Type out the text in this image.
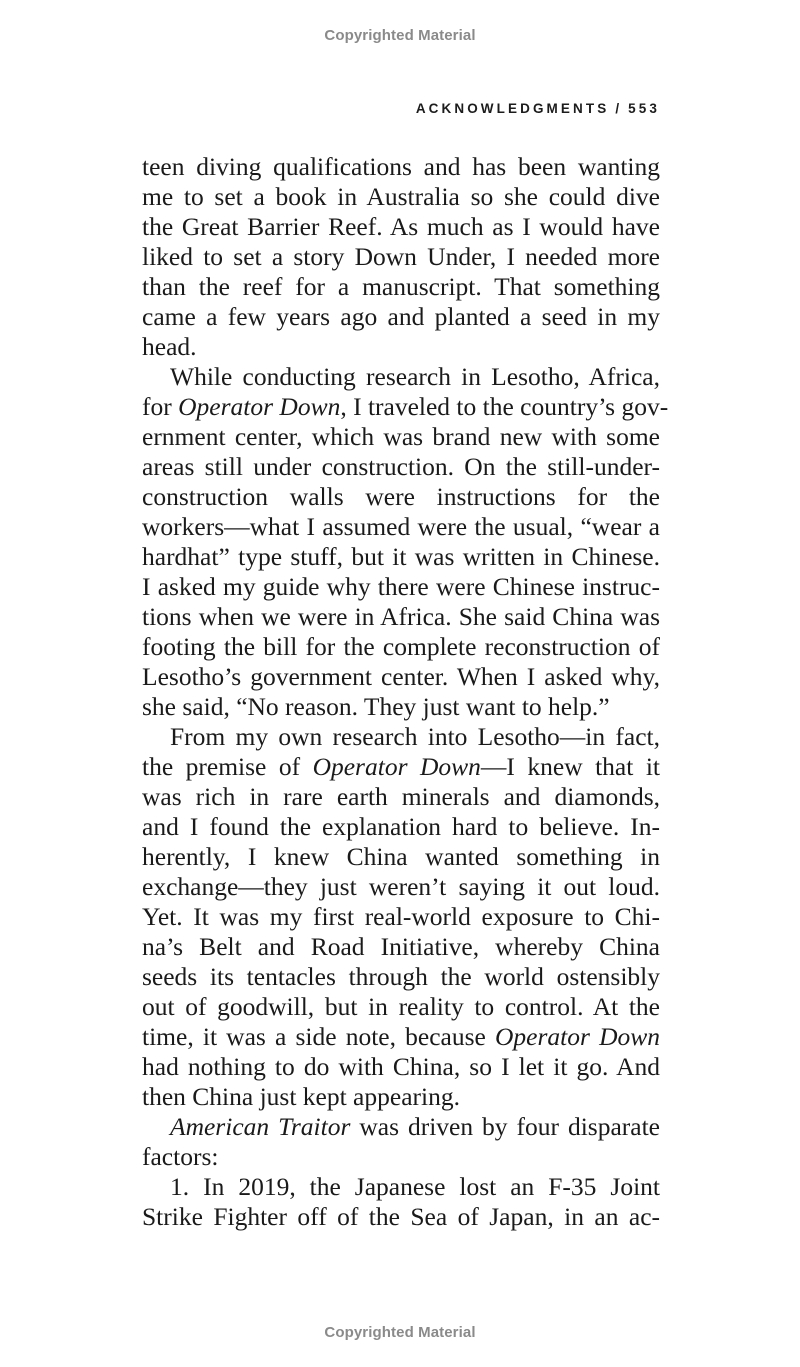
Copyrighted Material
ACKNOWLEDGMENTS / 553
teen diving qualifications and has been wanting
me to set a book in Australia so she could dive
the Great Barrier Reef. As much as I would have
liked to set a story Down Under, I needed more
than the reef for a manuscript. That something
came a few years ago and planted a seed in my
head.
While conducting research in Lesotho, Africa,
for Operator Down, I traveled to the country’s gov-
ernment center, which was brand new with some
areas still under construction. On the still-under-
construction walls were instructions for the
workers—what I assumed were the usual, “wear a
hardhat” type stuff, but it was written in Chinese.
I asked my guide why there were Chinese instruc-
tions when we were in Africa. She said China was
footing the bill for the complete reconstruction of
Lesotho’s government center. When I asked why,
she said, “No reason. They just want to help.”
From my own research into Lesotho—in fact,
the premise of Operator Down—I knew that it
was rich in rare earth minerals and diamonds,
and I found the explanation hard to believe. In-
herently, I knew China wanted something in
exchange—they just weren’t saying it out loud.
Yet. It was my first real-world exposure to Chi-
na’s Belt and Road Initiative, whereby China
seeds its tentacles through the world ostensibly
out of goodwill, but in reality to control. At the
time, it was a side note, because Operator Down
had nothing to do with China, so I let it go. And
then China just kept appearing.
American Traitor was driven by four disparate
factors:
1. In 2019, the Japanese lost an F-35 Joint
Strike Fighter off of the Sea of Japan, in an ac-
Copyrighted Material
